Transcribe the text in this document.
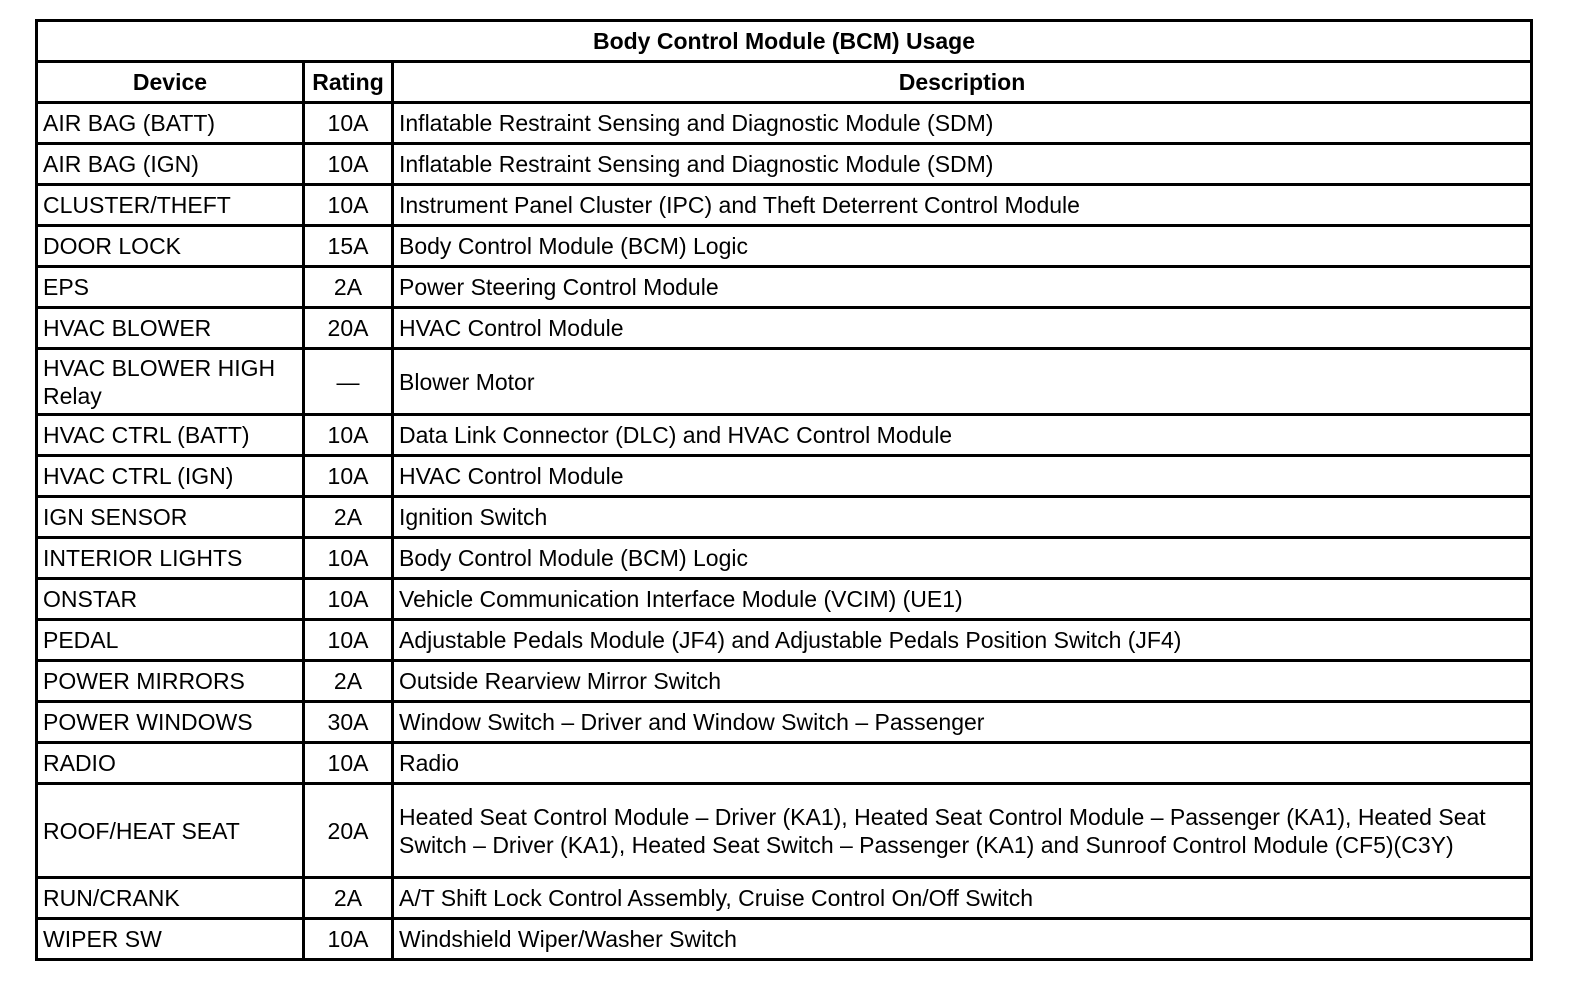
Body Control Module (BCM) Usage		
Device	Rating	Description
AIR BAG (BATT)	10A	Inflatable Restraint Sensing and Diagnostic Module (SDM)
AIR BAG (IGN)	10A	Inflatable Restraint Sensing and Diagnostic Module (SDM)
CLUSTER/THEFT	10A	Instrument Panel Cluster (IPC) and Theft Deterrent Control Module
DOOR LOCK	15A	Body Control Module (BCM) Logic
EPS	2A	Power Steering Control Module
HVAC BLOWER	20A	HVAC Control Module
HVAC BLOWER HIGH Relay	—	Blower Motor
HVAC CTRL (BATT)	10A	Data Link Connector (DLC) and HVAC Control Module
HVAC CTRL (IGN)	10A	HVAC Control Module
IGN SENSOR	2A	Ignition Switch
INTERIOR LIGHTS	10A	Body Control Module (BCM) Logic
ONSTAR	10A	Vehicle Communication Interface Module (VCIM) (UE1)
PEDAL	10A	Adjustable Pedals Module (JF4) and Adjustable Pedals Position Switch (JF4)
POWER MIRRORS	2A	Outside Rearview Mirror Switch
POWER WINDOWS	30A	Window Switch – Driver and Window Switch – Passenger
RADIO	10A	Radio
ROOF/HEAT SEAT	20A	Heated Seat Control Module – Driver (KA1), Heated Seat Control Module – Passenger (KA1), Heated Seat Switch – Driver (KA1), Heated Seat Switch – Passenger (KA1) and Sunroof Control Module (CF5)(C3Y)
RUN/CRANK	2A	A/T Shift Lock Control Assembly, Cruise Control On/Off Switch
WIPER SW	10A	Windshield Wiper/Washer Switch
